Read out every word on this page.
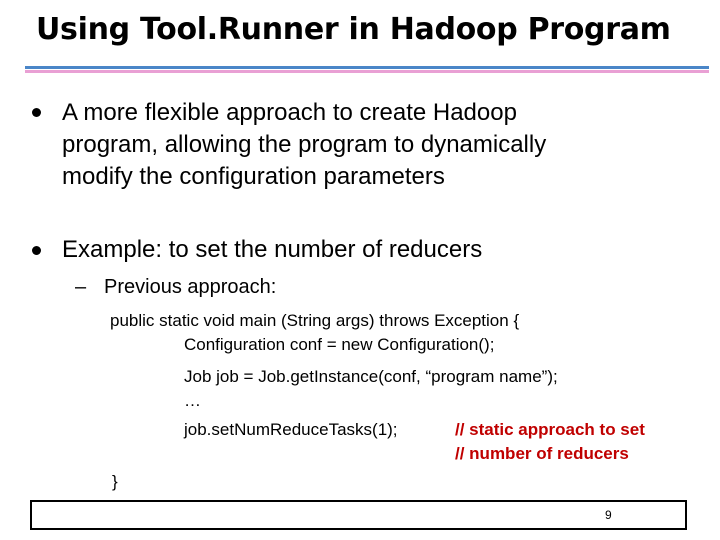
Using Tool.Runner in Hadoop Program
A more flexible approach to create Hadoop
program, allowing the program to dynamically
modify the configuration parameters
Example: to set the number of reducers
– Previous approach:
public static void main (String args) throws Exception {
Configuration conf = new Configuration();
Job job = Job.getInstance(conf, “program name”);
…
job.setNumReduceTasks(1);	// static approach to set
// number of reducers
}
9
